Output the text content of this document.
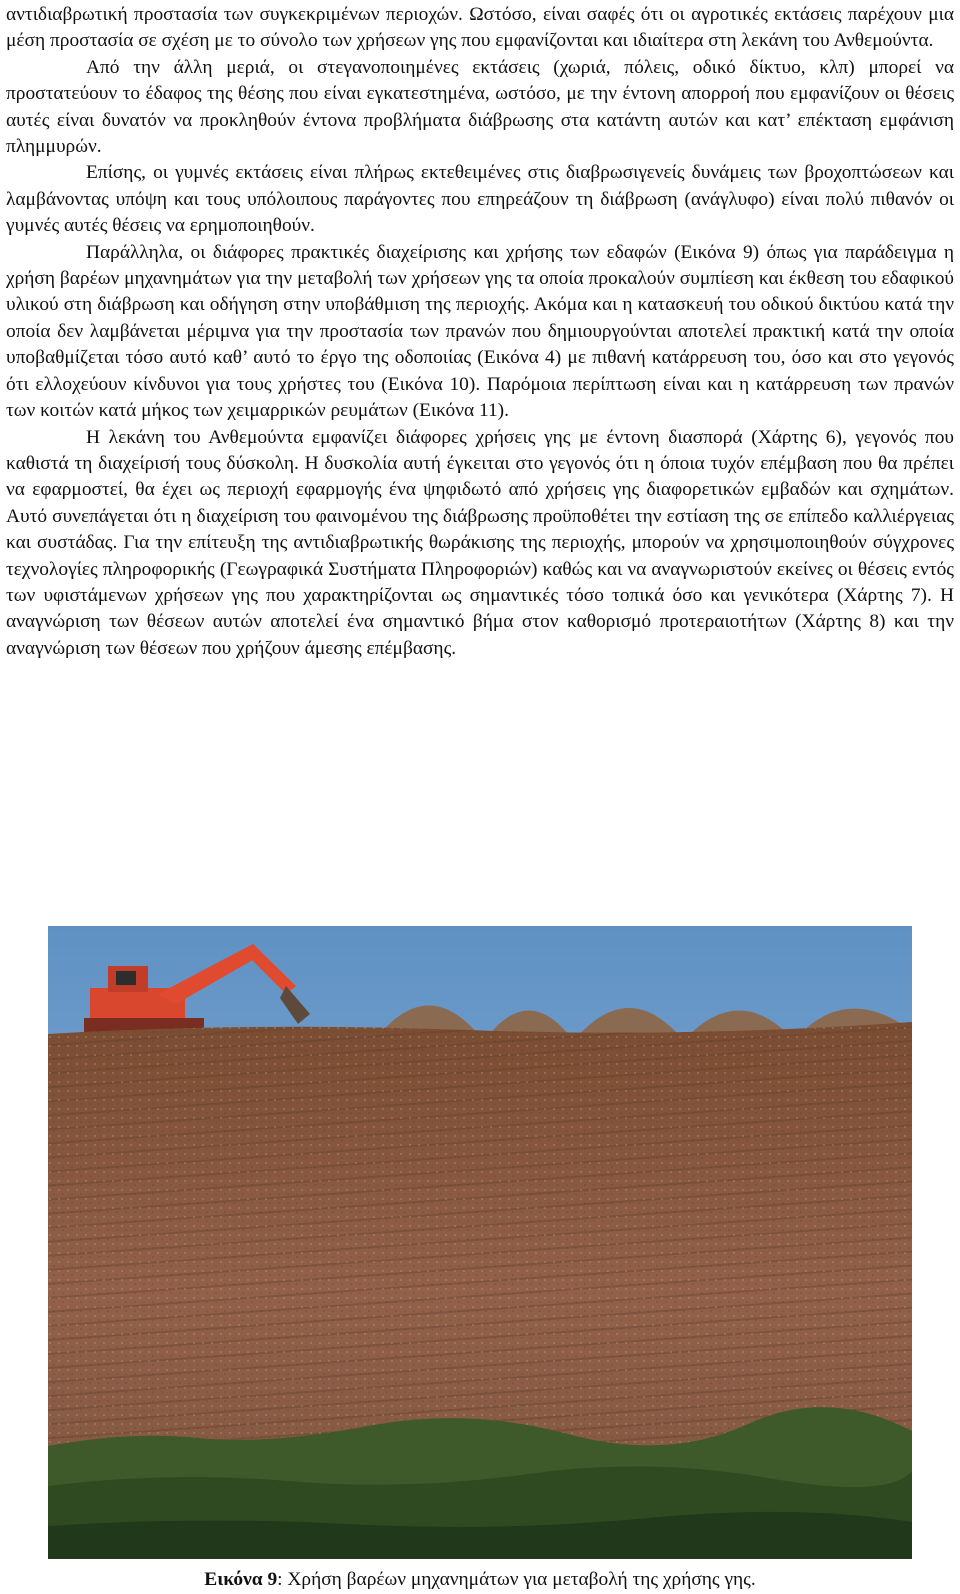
αντιδιαβρωτική προστασία των συγκεκριμένων περιοχών. Ωστόσο, είναι σαφές ότι οι αγροτικές εκτάσεις παρέχουν μια μέση προστασία σε σχέση με το σύνολο των χρήσεων γης που εμφανίζονται και ιδιαίτερα στη λεκάνη του Ανθεμούντα.

Από την άλλη μεριά, οι στεγανοποιημένες εκτάσεις (χωριά, πόλεις, οδικό δίκτυο, κλπ) μπορεί να προστατεύουν το έδαφος της θέσης που είναι εγκατεστημένα, ωστόσο, με την έντονη απορροή που εμφανίζουν οι θέσεις αυτές είναι δυνατόν να προκληθούν έντονα προβλήματα διάβρωσης στα κατάντη αυτών και κατ’ επέκταση εμφάνιση πλημμυρών.

Επίσης, οι γυμνές εκτάσεις είναι πλήρως εκτεθειμένες στις διαβρωσιγενείς δυνάμεις των βροχοπτώσεων και λαμβάνοντας υπόψη και τους υπόλοιπους παράγοντες που επηρεάζουν τη διάβρωση (ανάγλυφο) είναι πολύ πιθανόν οι γυμνές αυτές θέσεις να ερημοποιηθούν.

Παράλληλα, οι διάφορες πρακτικές διαχείρισης και χρήσης των εδαφών (Εικόνα 9) όπως για παράδειγμα η χρήση βαρέων μηχανημάτων για την μεταβολή των χρήσεων γης τα οποία προκαλούν συμπίεση και έκθεση του εδαφικού υλικού στη διάβρωση και οδήγηση στην υποβάθμιση της περιοχής. Ακόμα και η κατασκευή του οδικού δικτύου κατά την οποία δεν λαμβάνεται μέριμνα για την προστασία των πρανών που δημιουργούνται αποτελεί πρακτική κατά την οποία υποβαθμίζεται τόσο αυτό καθ’ αυτό το έργο της οδοποιίας (Εικόνα 4) με πιθανή κατάρρευση του, όσο και στο γεγονός ότι ελλοχεύουν κίνδυνοι για τους χρήστες του (Εικόνα 10). Παρόμοια περίπτωση είναι και η κατάρρευση των πρανών των κοιτών κατά μήκος των χειμαρρικών ρευμάτων (Εικόνα 11).

Η λεκάνη του Ανθεμούντα εμφανίζει διάφορες χρήσεις γης με έντονη διασπορά (Χάρτης 6), γεγονός που καθιστά τη διαχείρισή τους δύσκολη. Η δυσκολία αυτή έγκειται στο γεγονός ότι η όποια τυχόν επέμβαση που θα πρέπει να εφαρμοστεί, θα έχει ως περιοχή εφαρμογής ένα ψηφιδωτό από χρήσεις γης διαφορετικών εμβαδών και σχημάτων. Αυτό συνεπάγεται ότι η διαχείριση του φαινομένου της διάβρωσης προϋποθέτει την εστίαση της σε επίπεδο καλλιέργειας και συστάδας. Για την επίτευξη της αντιδιαβρωτικής θωράκισης της περιοχής, μπορούν να χρησιμοποιηθούν σύγχρονες τεχνολογίες πληροφορικής (Γεωγραφικά Συστήματα Πληροφοριών) καθώς και να αναγνωριστούν εκείνες οι θέσεις εντός των υφιστάμενων χρήσεων γης που χαρακτηρίζονται ως σημαντικές τόσο τοπικά όσο και γενικότερα (Χάρτης 7). Η αναγνώριση των θέσεων αυτών αποτελεί ένα σημαντικό βήμα στον καθορισμό προτεραιοτήτων (Χάρτης 8) και την αναγνώριση των θέσεων που χρήζουν άμεσης επέμβασης.

Εικόνα 9: Χρήση βαρέων μηχανημάτων για μεταβολή της χρήσης γης.
